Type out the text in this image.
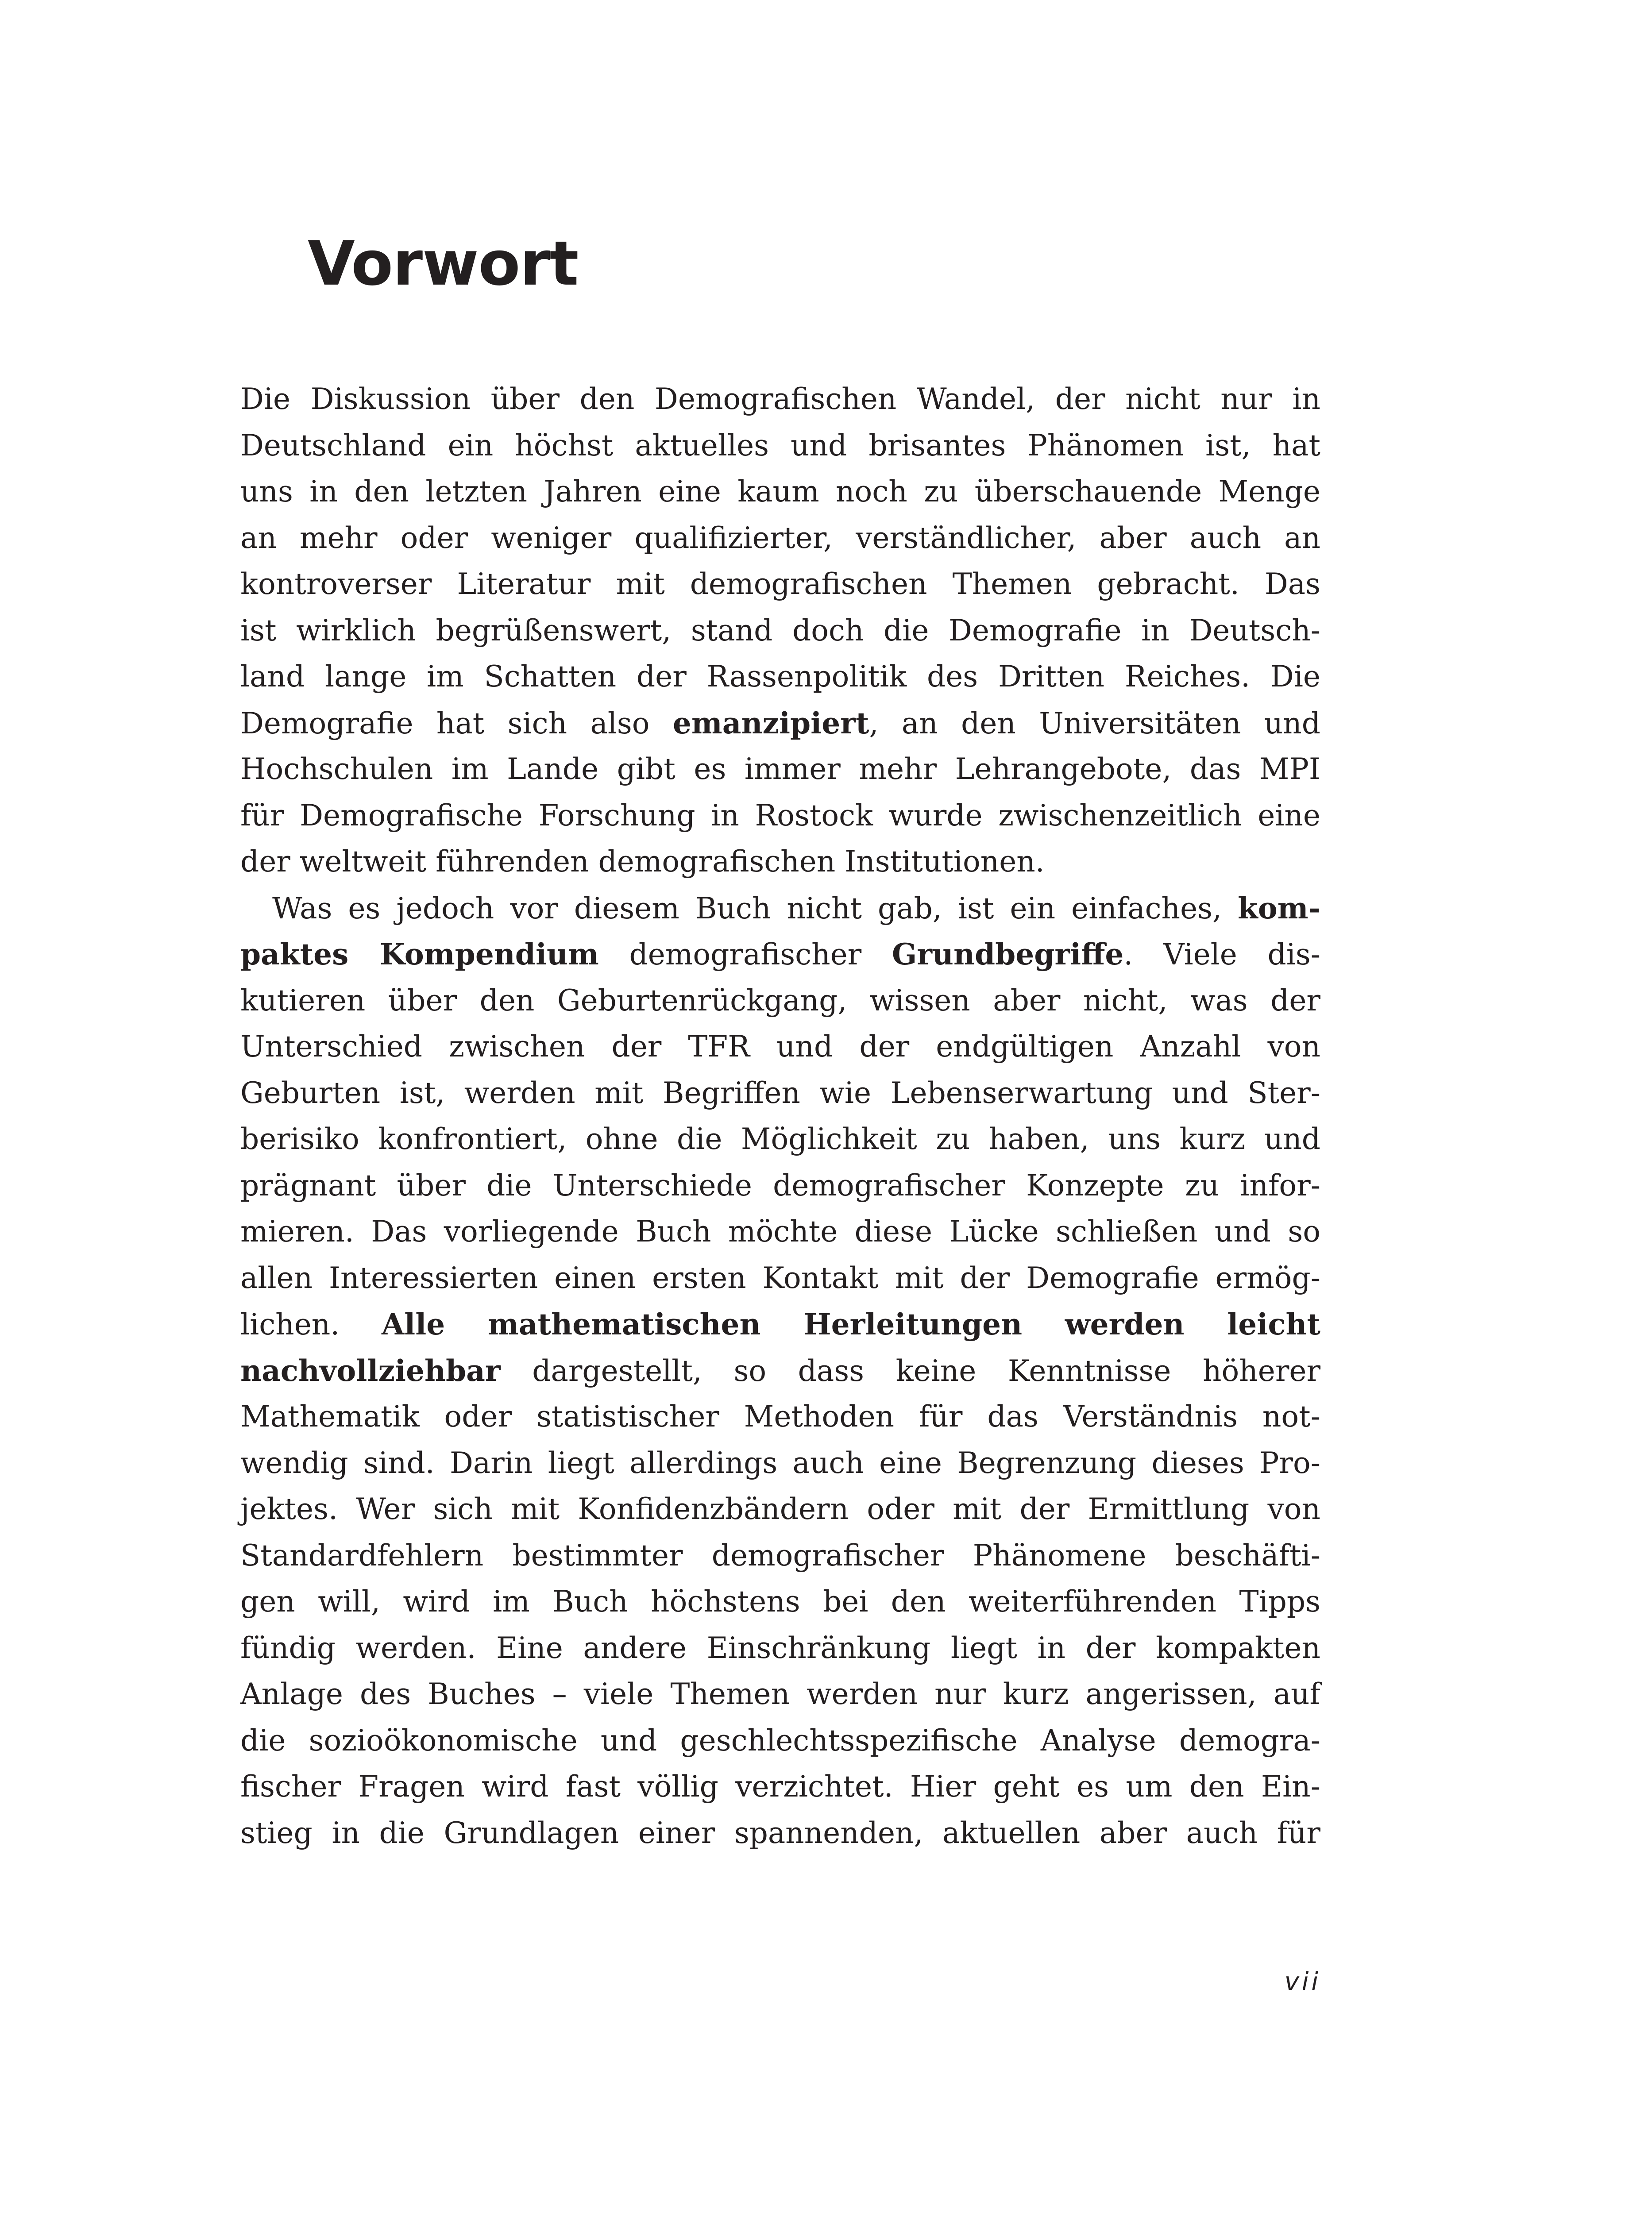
Vorwort
Die Diskussion über den Demografischen Wandel, der nicht nur in
Deutschland ein höchst aktuelles und brisantes Phänomen ist, hat
uns in den letzten Jahren eine kaum noch zu überschauende Menge
an mehr oder weniger qualifizierter, verständlicher, aber auch an
kontroverser Literatur mit demografischen Themen gebracht. Das
ist wirklich begrüßenswert, stand doch die Demografie in Deutsch-
land lange im Schatten der Rassenpolitik des Dritten Reiches. Die
Demografie hat sich also emanzipiert, an den Universitäten und
Hochschulen im Lande gibt es immer mehr Lehrangebote, das MPI
für Demografische Forschung in Rostock wurde zwischenzeitlich eine
der weltweit führenden demografischen Institutionen.
Was es jedoch vor diesem Buch nicht gab, ist ein einfaches, kom-
paktes Kompendium demografischer Grundbegriffe. Viele dis-
kutieren über den Geburtenrückgang, wissen aber nicht, was der
Unterschied zwischen der TFR und der endgültigen Anzahl von
Geburten ist, werden mit Begriffen wie Lebenserwartung und Ster-
berisiko konfrontiert, ohne die Möglichkeit zu haben, uns kurz und
prägnant über die Unterschiede demografischer Konzepte zu infor-
mieren. Das vorliegende Buch möchte diese Lücke schließen und so
allen Interessierten einen ersten Kontakt mit der Demografie ermög-
lichen. Alle mathematischen Herleitungen werden leicht
nachvollziehbar dargestellt, so dass keine Kenntnisse höherer
Mathematik oder statistischer Methoden für das Verständnis not-
wendig sind. Darin liegt allerdings auch eine Begrenzung dieses Pro-
jektes. Wer sich mit Konfidenzbändern oder mit der Ermittlung von
Standardfehlern bestimmter demografischer Phänomene beschäfti-
gen will, wird im Buch höchstens bei den weiterführenden Tipps
fündig werden. Eine andere Einschränkung liegt in der kompakten
Anlage des Buches – viele Themen werden nur kurz angerissen, auf
die sozioökonomische und geschlechtsspezifische Analyse demogra-
fischer Fragen wird fast völlig verzichtet. Hier geht es um den Ein-
stieg in die Grundlagen einer spannenden, aktuellen aber auch für
vii
